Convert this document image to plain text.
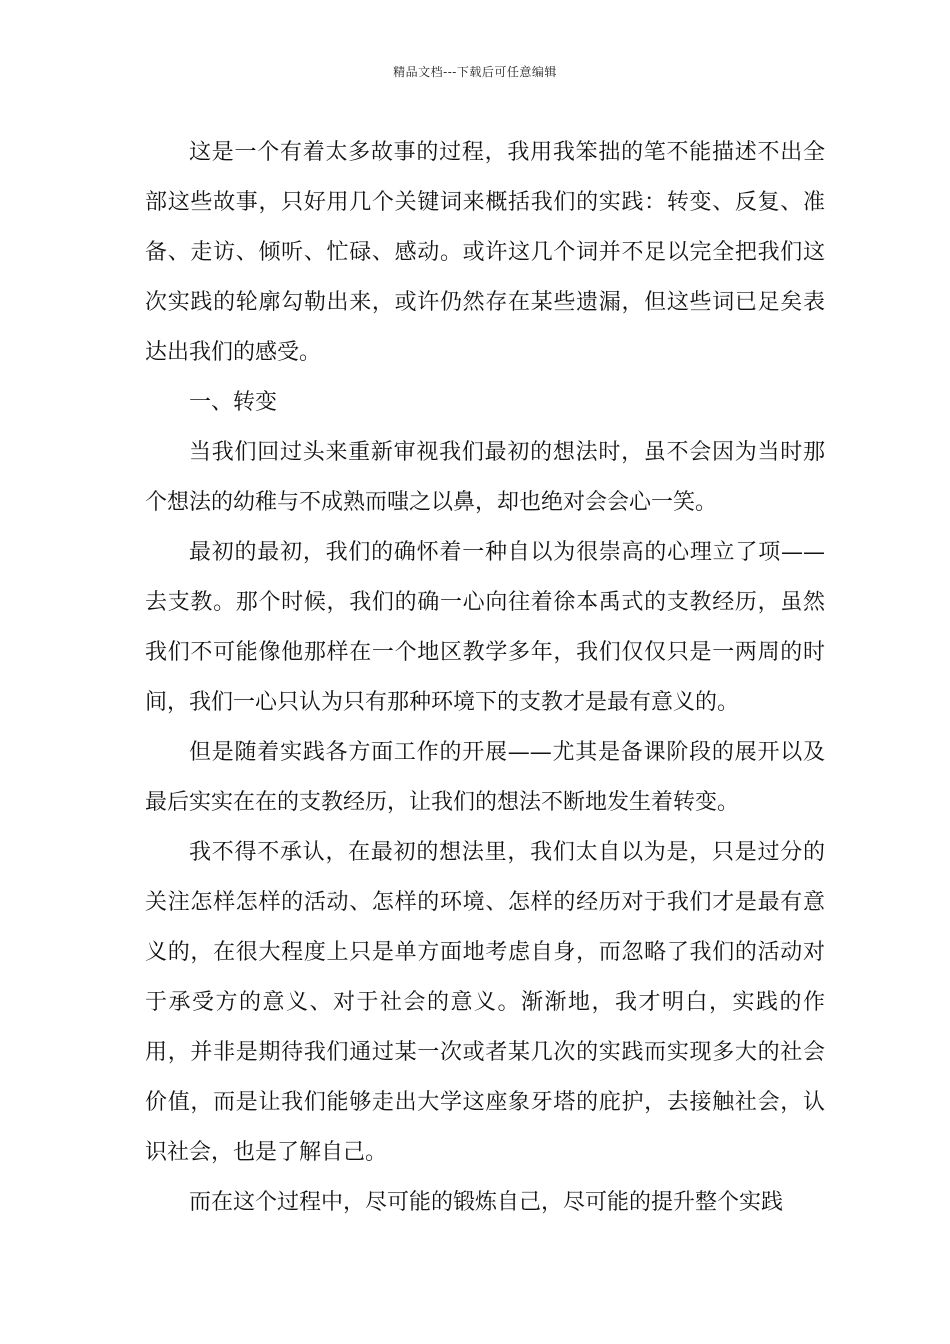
精品文档---下载后可任意编辑

这是一个有着太多故事的过程，我用我笨拙的笔不能描述不出全部这些故事，只好用几个关键词来概括我们的实践：转变、反复、准备、走访、倾听、忙碌、感动。或许这几个词并不足以完全把我们这次实践的轮廓勾勒出来，或许仍然存在某些遗漏，但这些词已足矣表达出我们的感受。

一、转变

当我们回过头来重新审视我们最初的想法时，虽不会因为当时那个想法的幼稚与不成熟而嗤之以鼻，却也绝对会会心一笑。

最初的最初，我们的确怀着一种自以为很崇高的心理立了项——去支教。那个时候，我们的确一心向往着徐本禹式的支教经历，虽然我们不可能像他那样在一个地区教学多年，我们仅仅只是一两周的时间，我们一心只认为只有那种环境下的支教才是最有意义的。

但是随着实践各方面工作的开展——尤其是备课阶段的展开以及最后实实在在的支教经历，让我们的想法不断地发生着转变。

我不得不承认，在最初的想法里，我们太自以为是，只是过分的关注怎样怎样的活动、怎样的环境、怎样的经历对于我们才是最有意义的，在很大程度上只是单方面地考虑自身，而忽略了我们的活动对于承受方的意义、对于社会的意义。渐渐地，我才明白，实践的作用，并非是期待我们通过某一次或者某几次的实践而实现多大的社会价值，而是让我们能够走出大学这座象牙塔的庇护，去接触社会，认识社会，也是了解自己。

而在这个过程中，尽可能的锻炼自己，尽可能的提升整个实践
